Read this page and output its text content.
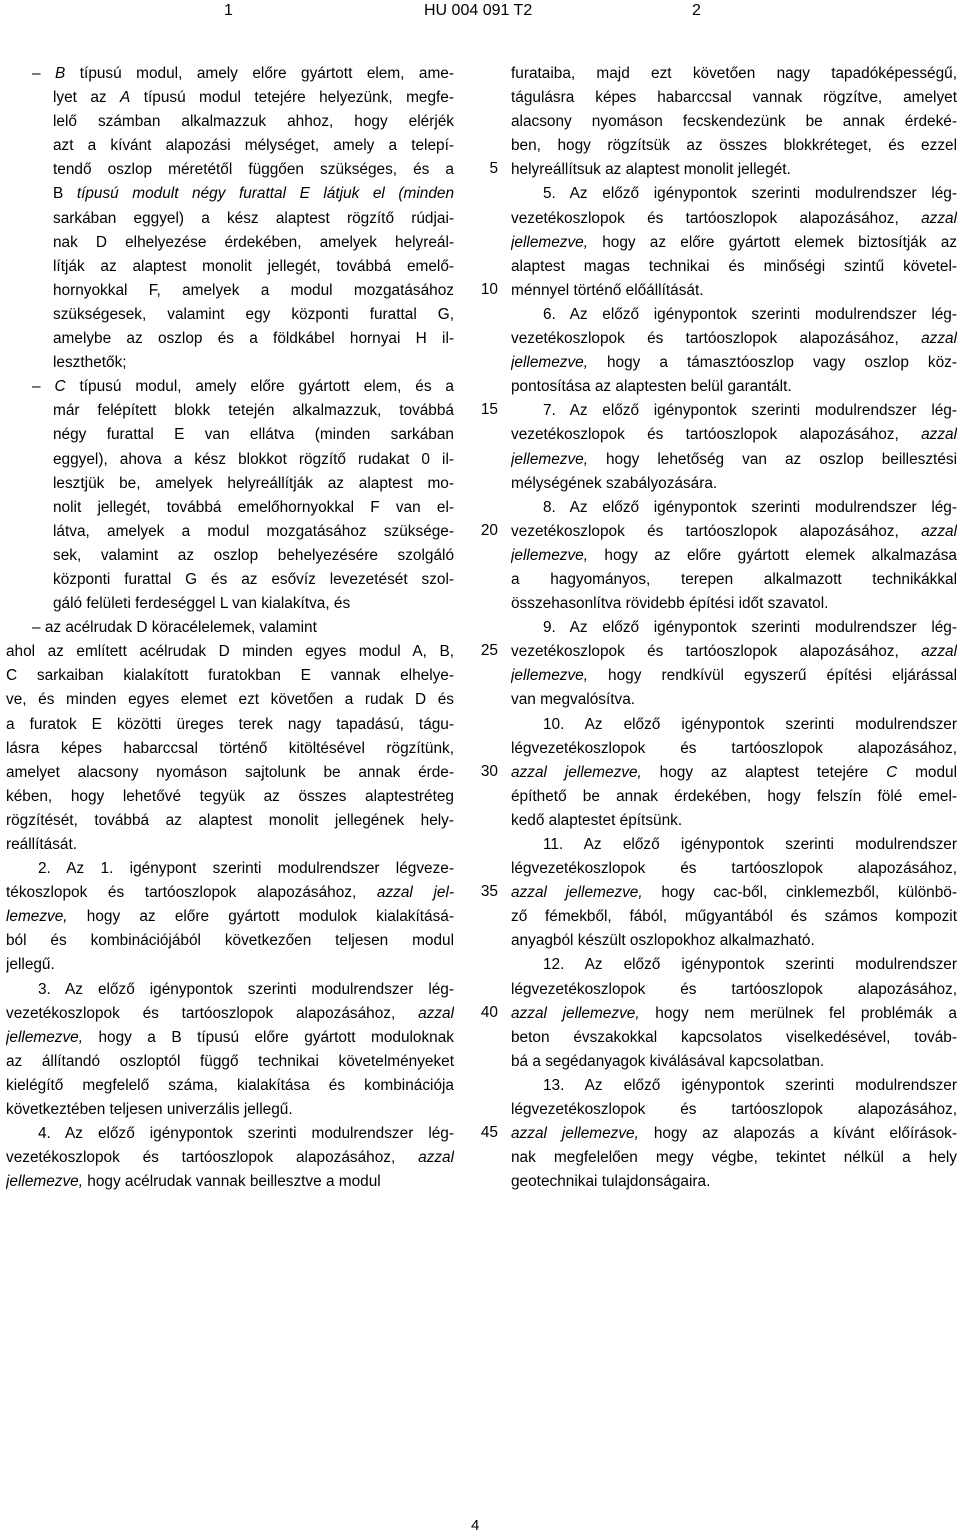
1	HU 004 091 T2	2
– B típusú modul, amely előre gyártott elem, ame-
lyet az A típusú modul tetejére helyezünk, megfe-
lelő számban alkalmazzuk ahhoz, hogy elérjék
azt a kívánt alapozási mélységet, amely a telepí-
tendő oszlop méretétől függően szükséges, és a
B típusú modult négy furattal E látjuk el (minden
sarkában eggyel) a kész alaptest rögzítő rúdjai-
nak D elhelyezése érdekében, amelyek helyreál-
lítják az alaptest monolit jellegét, továbbá emelő-
hornyokkal F, amelyek a modul mozgatásához
szükségesek, valamint egy központi furattal G,
amelybe az oszlop és a földkábel hornyai H il-
leszthetők;
– C típusú modul, amely előre gyártott elem, és a
már felépített blokk tetején alkalmazzuk, továbbá
négy furattal E van ellátva (minden sarkában
eggyel), ahova a kész blokkot rögzítő rudakat 0 il-
lesztjük be, amelyek helyreállítják az alaptest mo-
nolit jellegét, továbbá emelőhornyokkal F van el-
látva, amelyek a modul mozgatásához szüksége-
sek, valamint az oszlop behelyezésére szolgáló
központi furattal G és az esővíz levezetését szol-
gáló felületi ferdeséggel L van kialakítva, és
– az acélrudak D köracélelemek, valamint
ahol az említett acélrudak D minden egyes modul A, B,
C sarkaiban kialakított furatokban E vannak elhelye-
ve, és minden egyes elemet ezt követően a rudak D és
a furatok E közötti üreges terek nagy tapadású, tágu-
lásra képes habarccsal történő kitöltésével rögzítünk,
amelyet alacsony nyomáson sajtolunk be annak érde-
kében, hogy lehetővé tegyük az összes alaptestréteg
rögzítését, továbbá az alaptest monolit jellegének hely-
reállítását.
2. Az 1. igénypont szerinti modulrendszer légveze-
tékoszlopok és tartóoszlopok alapozásához, azzal jel-
lemezve, hogy az előre gyártott modulok kialakításá-
ból és kombinációjából következően teljesen modul
jellegű.
3. Az előző igénypontok szerinti modulrendszer lég-
vezetékoszlopok és tartóoszlopok alapozásához, azzal
jellemezve, hogy a B típusú előre gyártott moduloknak
az állítandó oszloptól függő technikai követelményeket
kielégítő megfelelő száma, kialakítása és kombinációja
következtében teljesen univerzális jellegű.
4. Az előző igénypontok szerinti modulrendszer lég-
vezetékoszlopok és tartóoszlopok alapozásához, azzal
jellemezve, hogy acélrudak vannak beillesztve a modul
furataiba, majd ezt követően nagy tapadóképességű,
tágulásra képes habarccsal vannak rögzítve, amelyet
alacsony nyomáson fecskendezünk be annak érdeké-
ben, hogy rögzítsük az összes blokkréteget, és ezzel
helyreállítsuk az alaptest monolit jellegét.
5. Az előző igénypontok szerinti modulrendszer lég-
vezetékoszlopok és tartóoszlopok alapozásához, azzal
jellemezve, hogy az előre gyártott elemek biztosítják az
alaptest magas technikai és minőségi szintű követel-
ménnyel történő előállítását.
6. Az előző igénypontok szerinti modulrendszer lég-
vezetékoszlopok és tartóoszlopok alapozásához, azzal
jellemezve, hogy a támasztóoszlop vagy oszlop köz-
pontosítása az alaptesten belül garantált.
7. Az előző igénypontok szerinti modulrendszer lég-
vezetékoszlopok és tartóoszlopok alapozásához, azzal
jellemezve, hogy lehetőség van az oszlop beillesztési
mélységének szabályozására.
8. Az előző igénypontok szerinti modulrendszer lég-
vezetékoszlopok és tartóoszlopok alapozásához, azzal
jellemezve, hogy az előre gyártott elemek alkalmazása
a hagyományos, terepen alkalmazott technikákkal
összehasonlítva rövidebb építési időt szavatol.
9. Az előző igénypontok szerinti modulrendszer lég-
vezetékoszlopok és tartóoszlopok alapozásához, azzal
jellemezve, hogy rendkívül egyszerű építési eljárással
van megvalósítva.
10. Az előző igénypontok szerinti modulrendszer
légvezetékoszlopok és tartóoszlopok alapozásához,
azzal jellemezve, hogy az alaptest tetejére C modul
építhető be annak érdekében, hogy felszín fölé emel-
kedő alaptestet építsünk.
11. Az előző igénypontok szerinti modulrendszer
légvezetékoszlopok és tartóoszlopok alapozásához,
azzal jellemezve, hogy cac-ből, cinklemezből, különbö-
ző fémekből, fából, műgyantából és számos kompozit
anyagból készült oszlopokhoz alkalmazható.
12. Az előző igénypontok szerinti modulrendszer
légvezetékoszlopok és tartóoszlopok alapozásához,
azzal jellemezve, hogy nem merülnek fel problémák a
beton évszakokkal kapcsolatos viselkedésével, továb-
bá a segédanyagok kiválásával kapcsolatban.
13. Az előző igénypontok szerinti modulrendszer
légvezetékoszlopok és tartóoszlopok alapozásához,
azzal jellemezve, hogy az alapozás a kívánt előírások-
nak megfelelően megy végbe, tekintet nélkül a hely
geotechnikai tulajdonságaira.
5
10
15
20
25
30
35
40
45
4
